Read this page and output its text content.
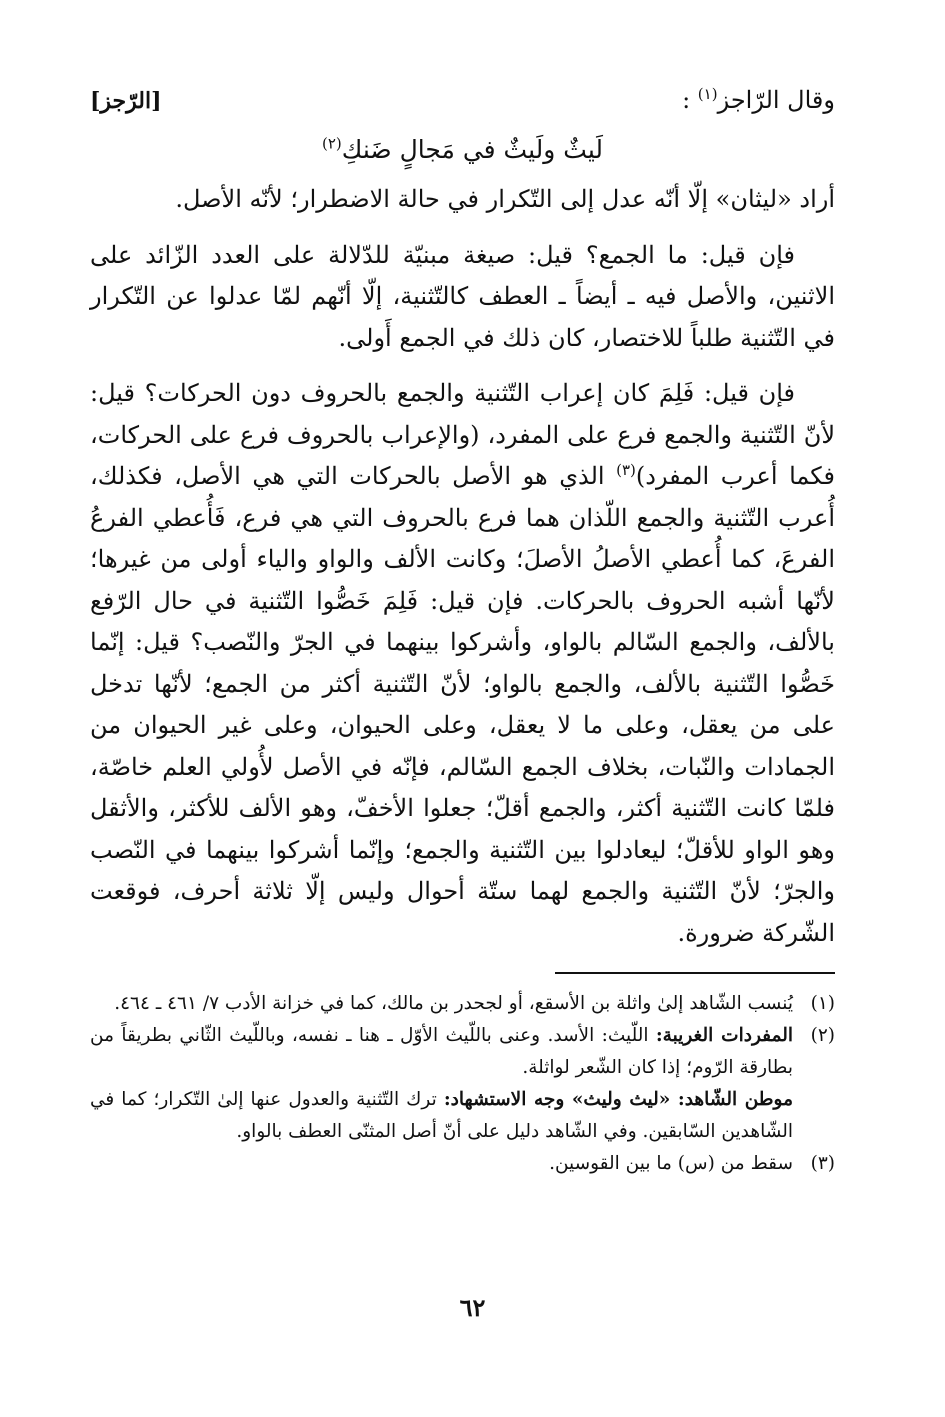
وقال الرّاجز$^{(١)}$ :
[الرّجز]
لَيثٌ ولَيثٌ في مَجالٍ ضَنكِ$^{(٢)}$

أراد «ليثان» إلّا أنّه عدل إلى التّكرار في حالة الاضطرار؛ لأنّه الأصل.

فإن قيل: ما الجمع؟ قيل: صيغة مبنيّة للدّلالة على العدد الزّائد على الاثنين، والأصل فيه ـ أيضاً ـ العطف كالتّثنية، إلّا أنّهم لمّا عدلوا عن التّكرار في التّثنية طلباً للاختصار، كان ذلك في الجمع أَولى.

فإن قيل: فَلِمَ كان إعراب التّثنية والجمع بالحروف دون الحركات؟ قيل: لأنّ التّثنية والجمع فرع على المفرد، (والإعراب بالحروف فرع على الحركات، فكما أعرب المفرد)$^{(٣)}$ الذي هو الأصل بالحركات التي هي الأصل، فكذلك، أُعرب التّثنية والجمع اللّذان هما فرع بالحروف التي هي فرع، فَأُعطي الفرعُ الفرعَ، كما أُعطي الأصلُ الأصلَ؛ وكانت الألف والواو والياء أولى من غيرها؛ لأنّها أشبه الحروف بالحركات. فإن قيل: فَلِمَ خَصُّوا التّثنية في حال الرّفع بالألف، والجمع السّالم بالواو، وأشركوا بينهما في الجرّ والنّصب؟ قيل: إنّما خَصُّوا التّثنية بالألف، والجمع بالواو؛ لأنّ التّثنية أكثر من الجمع؛ لأنّها تدخل على من يعقل، وعلى ما لا يعقل، وعلى الحيوان، وعلى غير الحيوان من الجمادات والنّبات، بخلاف الجمع السّالم، فإنّه في الأصل لأُولي العلم خاصّة، فلمّا كانت التّثنية أكثر، والجمع أقلّ؛ جعلوا الأخفّ، وهو الألف للأكثر، والأثقل وهو الواو للأقلّ؛ ليعادلوا بين التّثنية والجمع؛ وإنّما أشركوا بينهما في النّصب والجرّ؛ لأنّ التّثنية والجمع لهما ستّة أحوال وليس إلّا ثلاثة أحرف، فوقعت الشّركة ضرورة.

(١)
يُنسب الشّاهد إلىٰ واثلة بن الأسقع، أو لجحدر بن مالك، كما في خزانة الأدب ٧/ ٤٦١ ـ ٤٦٤.
(٢)
المفردات الغريبة: اللّيث: الأسد. وعنى باللّيث الأوّل ـ هنا ـ نفسه، وباللّيث الثّاني بطريقاً من بطارقة الرّوم؛ إذا كان الشّعر لواثلة.
موطن الشّاهد: «ليث وليث» وجه الاستشهاد: ترك التّثنية والعدول عنها إلىٰ التّكرار؛ كما في الشّاهدين السّابقين. وفي الشّاهد دليل على أنّ أصل المثنّى العطف بالواو.
(٣)
سقط من (س) ما بين القوسين.
٦٢
